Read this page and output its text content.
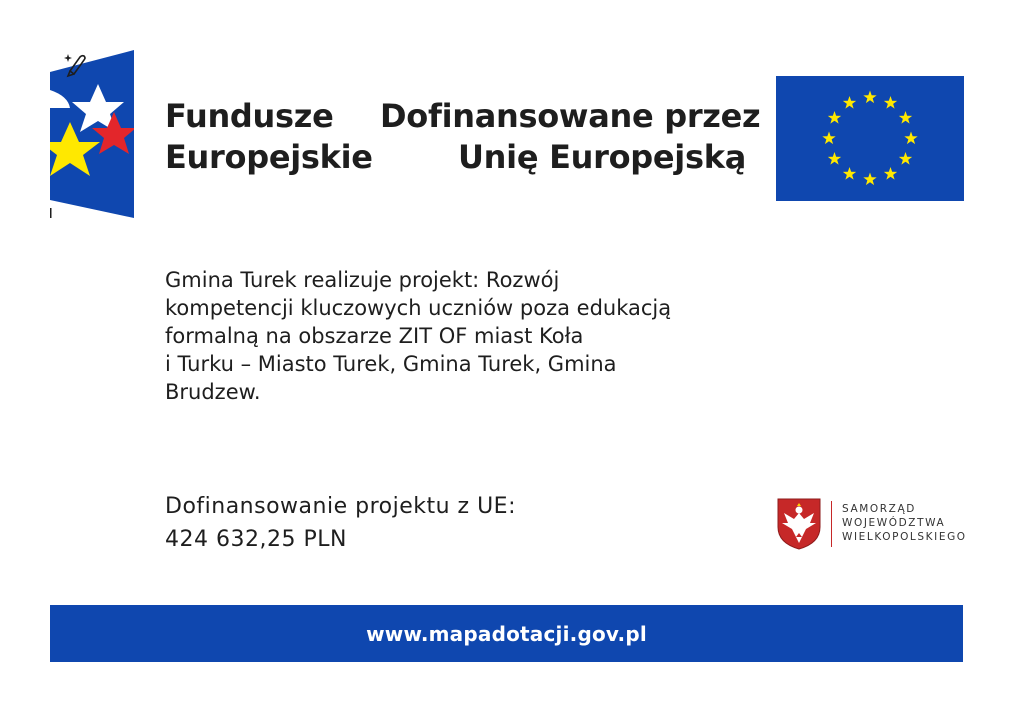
Fundusze
Europejskie
Dofinansowane przez
Unię Europejską
Gmina Turek realizuje projekt: Rozwój
kompetencji kluczowych uczniów poza edukacją
formalną na obszarze ZIT OF miast Koła
i Turku – Miasto Turek, Gmina Turek, Gmina
Brudzew.
Dofinansowanie projektu z UE:
424 632,25 PLN
SAMORZĄD
WOJEWÓDZTWA
WIELKOPOLSKIEGO
www.mapadotacji.gov.pl
